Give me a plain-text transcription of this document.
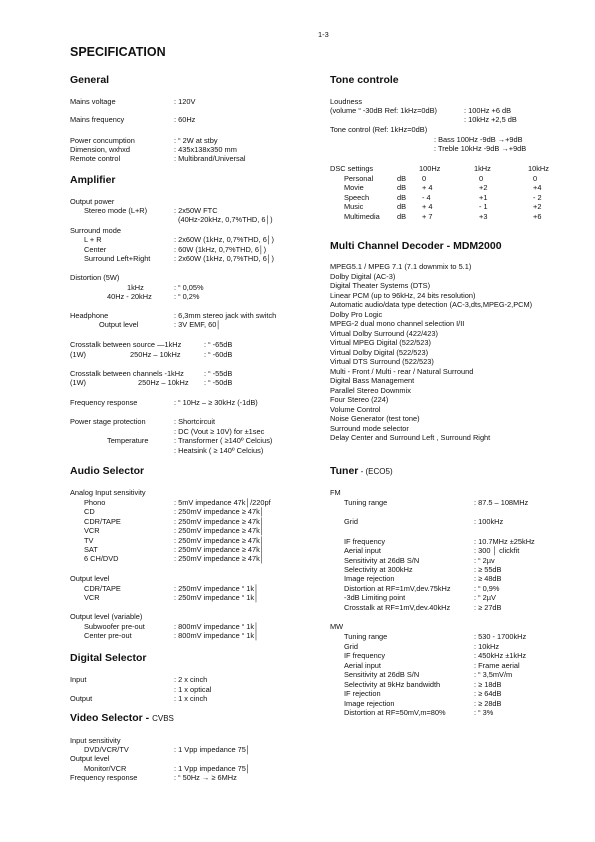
1-3
SPECIFICATION
General
Mains voltage	: 120V
Mains frequency	: 60Hz
Power concumption	: “ 2W at stby
Dimension, wxhxd	: 435x138x350 mm
Remote control	: Multibrand/Universal
Amplifier
Output power
Stereo mode (L+R)	: 2x50W FTC
(40Hz-20kHz, 0,7%THD, 6│)
Surround mode
L + R	: 2x60W (1kHz, 0,7%THD, 6│)
Center	: 60W (1kHz, 0,7%THD, 6│)
Surround Left+Right	: 2x60W (1kHz, 0,7%THD, 6│)
Distortion (5W)
1kHz	: “ 0,05%
40Hz - 20kHz	: “ 0,2%
Headphone	: 6,3mm stereo jack with switch
Output level	: 3V EMF, 60│
Crosstalk between source —1kHz	: “ -65dB
(1W)	250Hz – 10kHz	: “ -60dB
Crosstalk between channels -1kHz	: “ -55dB
(1W)	250Hz – 10kHz : “ -50dB
Frequency response	: “ 10Hz – ≥ 30kHz (-1dB)
Power stage protection	: Shortcircuit
: DC (Vout ≥ 10V) for ±1sec
Temperature	: Transformer ( ≥140º Celcius)
: Heatsink ( ≥ 140º Celcius)
Audio Selector
Analog Input sensitivity
Phono	: 5mV impedance 47k│/220pf
CD	: 250mV impedance ≥ 47k│
CDR/TAPE	: 250mV impedance ≥ 47k│
VCR	: 250mV impedance ≥ 47k│
TV	: 250mV impedance ≥ 47k│
SAT	: 250mV impedance ≥ 47k│
6 CH/DVD	: 250mV impedance ≥ 47k│
Output level
CDR/TAPE	: 250mV impedance “ 1k│
VCR	: 250mV impedance “ 1k│
Output level (variable)
Subwoofer pre-out	: 800mV impedance “ 1k│
Center pre-out	: 800mV impedance “ 1k│
Digital Selector
Input	: 2 x cinch
: 1 x optical
Output	: 1 x cinch
Video Selector - CVBS
Input sensitivity
DVD/VCR/TV	: 1 Vpp impedance 75│
Output level
Monitor/VCR	: 1 Vpp impedance 75│
Frequency response	: “ 50Hz → ≥ 6MHz
Tone controle
Loudness
(volume “ -30dB Ref: 1kHz=0dB)	: 100Hz +6 dB
: 10kHz +2,5 dB
Tone control (Ref: 1kHz=0dB)
: Bass 100Hz -9dB →+9dB
: Treble 10kHz -9dB →+9dB
DSC settings	100Hz	1kHz	10kHz
Personal	dB 0	0	0
Movie	dB + 4	+2	+4
Speech	dB - 4	+1	- 2
Music	dB + 4	- 1	+2
Multimedia dB + 7	+3	+6
Multi Channel Decoder - MDM2000
MPEG5.1 / MPEG 7.1 (7.1 downmix to 5.1)
Dolby Digital (AC-3)
Digital Theater Systems (DTS)
Linear PCM (up to 96kHz, 24 bits resolution)
Automatic audio/data type detection (AC-3,dts,MPEG-2,PCM)
Dolby Pro Logic
MPEG-2 dual mono channel selection I/II
Virtual Dolby Surround (422/423)
Virtual MPEG Digital (522/523)
Virtual Dolby Digital (522/523)
Virtual DTS Surround (522/523)
Multi - Front / Multi - rear / Natural Surround
Digital Bass Management
Parallel Stereo Downmix
Four Stereo (224)
Volume Control
Noise Generator (test tone)
Surround mode selector
Delay Center and Surround Left , Surround Right
Tuner - (ECO5)
FM
Tuning range	: 87.5 – 108MHz
Grid	: 100kHz
IF frequency	: 10.7MHz ±25kHz
Aerial input	: 300 │ clickfit
Sensitivity at 26dB S/N	: “ 2µv
Selectivity at 300kHz	: ≥ 55dB
Image rejection	: ≥ 48dB
Distortion at RF=1mV,dev.75kHz	: “ 0,9%
-3dB Limiting point	: “ 2µV
Crosstalk at RF=1mV,dev.40kHz	: ≥ 27dB
MW
Tuning range	: 530 - 1700kHz
Grid	: 10kHz
IF frequency	: 450kHz ±1kHz
Aerial input	: Frame aerial
Sensitivity at 26dB S/N	: “ 3,5mV/m
Selectivity at 9kHz bandwidth	: ≥ 18dB
IF rejection	: ≥ 64dB
Image rejection	: ≥ 28dB
Distortion at RF=50mV,m=80%	: “ 3%
